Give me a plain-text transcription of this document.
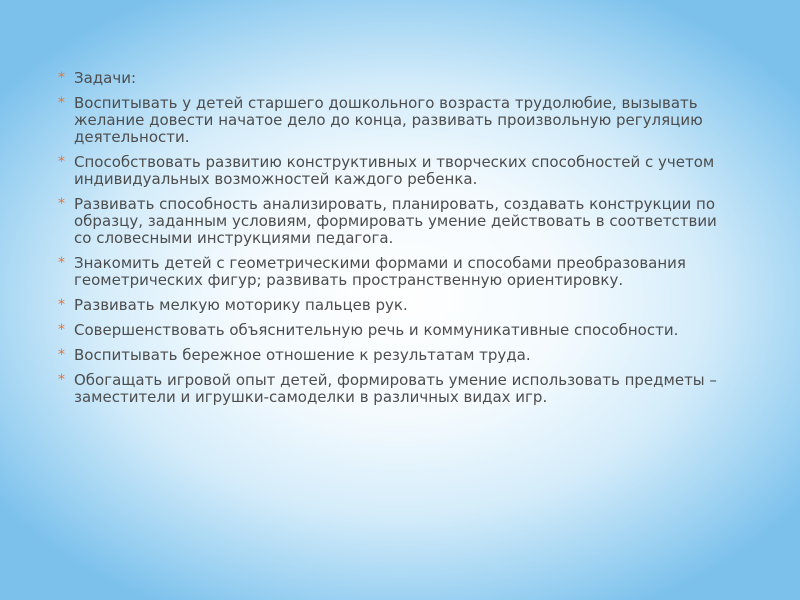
* Задачи:
* Воспитывать у детей старшего дошкольного возраста трудолюбие, вызывать желание довести начатое дело до конца, развивать произвольную регуляцию деятельности.
* Способствовать развитию конструктивных и творческих способностей с учетом индивидуальных возможностей каждого ребенка.
* Развивать способность анализировать, планировать, создавать конструкции по образцу, заданным условиям, формировать умение действовать в соответствии со словесными инструкциями педагога.
* Знакомить детей с геометрическими формами и способами преобразования геометрических фигур; развивать пространственную ориентировку.
* Развивать мелкую моторику пальцев рук.
* Совершенствовать объяснительную речь и коммуникативные способности.
* Воспитывать бережное отношение к результатам труда.
* Обогащать игровой опыт детей, формировать умение использовать предметы – заместители и игрушки-самоделки в различных видах игр.
